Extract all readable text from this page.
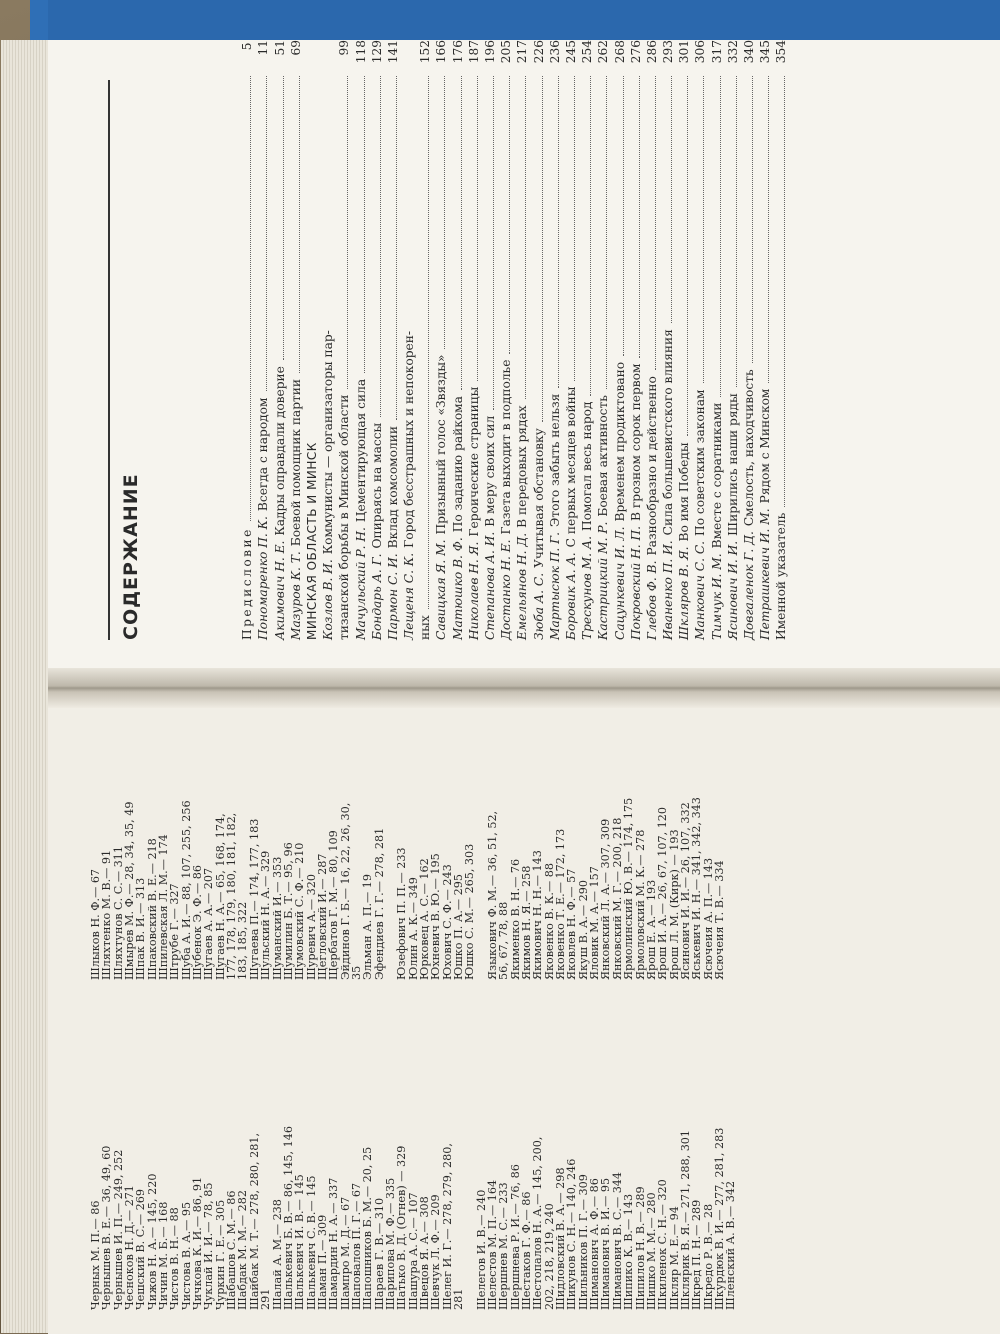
СОДЕРЖАНИЕ	Предисловие
5
Пономаренко П. К.
Всегда с народом
11
Акимович Н. Е.
Кадры оправдали доверие
51
Мазуров К. Т.
Боевой помощник партии
69
МИНСКАЯ ОБЛАСТЬ И МИНСК Козлов В. И.
Коммунисты — организаторы пар- тизанской борьбы в Минской области
99
Мачульский Р. Н.
Цементирующая сила
118
Бондарь А. Г.
Опираясь на массы
129
Пармон С. И.
Вклад комсомолии
141
Лещеня С. К.
Город бесстрашных и непокорен-
ных
152
Савицкая Я. М.
Призывный голос «Звязды»
166
Матюшко В. Ф.
По заданию райкома
176
Николаев Н. Я.
Героические страницы
187
Степанова А. И.
В меру своих сил
196
Достанко Н. Е.
Газета выходит в подполье
205
Емельянов Н. Д.
В передовых рядах
217
Зюба А. С.
Учитывая обстановку
226
Мартысюк П. Г.
Этого забыть нельзя
236
Боровик А. А.
С первых месяцев войны
245
Трескунов М. А.
Помогал весь народ
254
Кастрицкий М. Р.
Боевая активность
262
Сацункевич И. Л.
Временем продиктовано
268
Покровский Н. П.
В грозном сорок первом
276
Глебов Ф. В.
Разнообразно и действенно
286
Иваненко П. И.
Сила большевистского влияния
293
Шкляров В. Я.
Во имя Победы
301
Манкович С. С.
По советским законам
306
Тимчук И. М.
Вместе с соратниками
317
Ясинович И. И.
Ширились наши ряды
332
Довгаленок Г. Д.
Смелость, находчивость
340
Петрашкевич И. М.
Рядом с Минском
345
Именной указатель
354
Черных М. П.— 86
Чернышев В. Е.— 36, 49, 60
Чернышев И. П.— 249, 252
Чесноков Н. Д.— 271
Чешский В. С.— 269
Чижов Н. А.— 145, 220
Чичин М. Б.— 168
Чистов В. Н.— 88
Чистова В. А.— 95
Чичкова К. И.— 86, 91
Чуклай И. И.— 78, 85
Чуркин Г. Е.— 305
Шабашов С. М.— 86
Шабдак М. М.— 282
Шайбак М. Т.— 278, 280, 281,
291
Шалай А. М.— 238
Шалькевич Б. В.— 86, 145, 146
Шалькевич И. В.— 145
Шалькевич С. В.— 145
Шаман П.— 309
Шамардин Н. А.— 337
Шампро М. Д.— 67
Шаповалов П. Г.— 67
Шапошников Б. М.— 20, 25
Шараев Г. В.— 310
Шарипова М. Ф.— 335
Шатько В. Д. (Огнев) — 329
Шашура А. С.— 107
Швецов Я. А.— 308
Шевчук Л. Ф.— 209
Шелег И. Г.— 278, 279, 280,
281 Шелегов И. В.— 240
Шелестов М. П.— 164
Шершнев М. С.— 233
Шершнева Р. И.— 76, 86
Шестаков Г. Ф.— 86
Шестопалов Н. А.— 145, 200,
202, 218, 219, 240
Шидловский В. А.— 298
Шикунов С. Н.— 140, 246
Шильников П. Г.— 309
Шиманович А. Ф.— 86
Шиманович В. И.— 95
Шиманович В. С.— 344
Шипико К. В.— 143
Шипилов Н. В.— 289
Шишко М. М.— 280
Шкиленок С. Н.— 320
Шкляр М. Е.— 94
Шклярик В. Я.— 271, 288, 301
Шкред П. Н.— 289
Шкредо Р. В.— 28
Шкурдюк В. И.— 277, 281, 283
Шленский А. В.— 342
Шлыков Н. Ф.— 67
Шляхтенко М. В.— 91
Шляхтунов С. С.— 311
Шмырев М. Ф.— 28, 34, 35, 49
Шпак В. И.— 313
Шпаковский В. Е.— 218
Шпилевская Л. М.— 174
Штрубе Г.— 327
Шуба А. И.— 88, 107, 255, 256
Шубенок Э. Ф.— 86
Шугаев А. А.— 207
Шугаев Н. А.— 65, 168, 174,
177, 178, 179, 180, 181, 182,
183, 185, 322
Шугаева П.— 174, 177, 183
Шульский Н. А.— 329
Шуманский И.— 353
Шумилин Б. Т.— 95, 96
Шумовский С. Ф.— 210
Шуревич А.— 320
Щегловский И.— 287
Щербатов Г. М.— 80, 109
Эйдинов Г. Б.— 16, 22, 26, 30,
35
Эльман А. П.— 19
Эфендиев Г. Г.— 278, 281 Юзефович П. П.— 233
Юлин А. К.— 349
Юрковец А. С.— 162
Юхневич В. Ю.— 195
Юхович С. Ф.— 243
Юшко П. А.— 295
Юшко С. М.— 265, 303 Языкович Ф. М.— 36, 51, 52,
56, 67, 78, 88
Якименко В. Н.— 76
Якимов Н. Я.— 258
Якимович Н. Н.— 143
Яковенко В. К.— 88
Яковенко Т. Е.— 172, 173
Яковлев Н. Ф.— 57
Якуш В. А.— 290
Яловик М. А.— 157
Янковский Л. А.— 307, 309
Янковский М. Г.— 200, 218
Ярмолинский Ю. В.— 174, 175
Ярмоловский М. К.— 278
Ярош Е. А.— 193
Ярош И. А.— 26, 67, 107, 120
Ярош Л. М. (Кирк) — 193
Ясинович И. И.— 26, 107, 332
Яськевич И. Н.— 341, 342, 343
Ясючеия А. П.— 143
Ясючеия Т. В.— 334
